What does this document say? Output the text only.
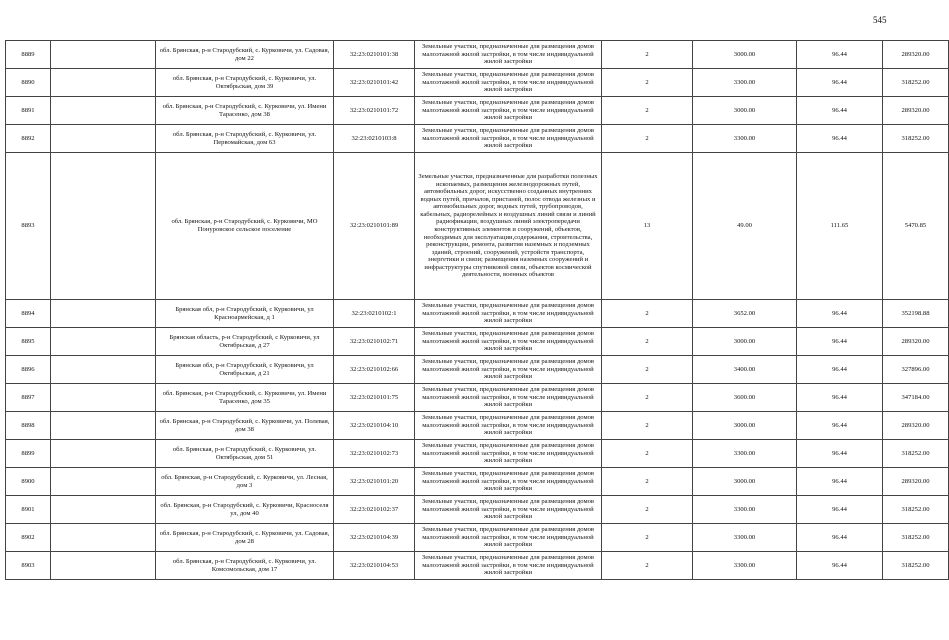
545
8889		обл. Брянская, р-н Стародубский, с. Курковичи, ул. Садовая, дом 22	32:23:0210101:38	Земельные участки, предназначенные для размещения домов малоэтажной жилой застройки, в том числе индивидуальной жилой застройки	2	3000.00	96.44	289320.00
8890		обл. Брянская, р-н Стародубский, с. Курковичи, ул. Октябрьская, дом 39	32:23:0210101:42	Земельные участки, предназначенные для размещения домов малоэтажной жилой застройки, в том числе индивидуальной жилой застройки	2	3300.00	96.44	318252.00
8891		обл. Брянская, р-н Стародубский, с. Курковичи, ул. Имени Тарасенко, дом 38	32:23:0210101:72	Земельные участки, предназначенные для размещения домов малоэтажной жилой застройки, в том числе индивидуальной жилой застройки	2	3000.00	96.44	289320.00
8892		обл. Брянская, р-н Стародубский, с. Курковичи, ул. Первомайская, дом 63	32:23:0210103:8	Земельные участки, предназначенные для размещения домов малоэтажной жилой застройки, в том числе индивидуальной жилой застройки	2	3300.00	96.44	318252.00
8893		обл. Брянская, р-н Стародубский, с. Курковичи, МО Понуровское сельское поселение	32:23:0210101:89	Земельные участки, предназначенные для разработки полезных ископаемых, размещения железнодорожных путей, автомобильных дорог, искусственно созданных внутренних водных путей, причалов, пристаней, полос отвода железных и автомобильных дорог, водных путей, трубопроводов, кабельных, радиорелейных и воздушных линий связи и линий радиофикации, воздушных линий электропередачи конструктивных элементов и сооружений, объектов, необходимых для эксплуатации,содержания, строительства, реконструкции, ремонта, развития наземных и подземных зданий, строений, сооружений, устройств транспорта, энергетики и связи; размещения наземных сооружений и инфраструктуры спутниковой связи, объектов космической деятельности, военных объектов	13	49.00	111.65	5470.85
8894		Брянская обл, р-н Стародубский, с Курковичи, ул Красноармейская, д 1	32:23:0210102:1	Земельные участки, предназначенные для размещения домов малоэтажной жилой застройки, в том числе индивидуальной жилой застройки	2	3652.00	96.44	352198.88
8895		Брянская область, р-н Стародубский, с Курковичи, ул Октябрьская, д 27	32:23:0210102:71	Земельные участки, предназначенные для размещения домов малоэтажной жилой застройки, в том числе индивидуальной жилой застройки	2	3000.00	96.44	289320.00
8896		Брянская обл, р-н Стародубский, с Курковичи, ул Октябрьская, д 21	32:23:0210102:66	Земельные участки, предназначенные для размещения домов малоэтажной жилой застройки, в том числе индивидуальной жилой застройки	2	3400.00	96.44	327896.00
8897		обл. Брянская, р-н Стародубский, с. Курковичи, ул. Имени Тарасенко, дом 35	32:23:0210101:75	Земельные участки, предназначенные для размещения домов малоэтажной жилой застройки, в том числе индивидуальной жилой застройки	2	3600.00	96.44	347184.00
8898		обл. Брянская, р-н Стародубский, с. Курковичи, ул. Полевая, дом 38	32:23:0210104:10	Земельные участки, предназначенные для размещения домов малоэтажной жилой застройки, в том числе индивидуальной жилой застройки	2	3000.00	96.44	289320.00
8899		обл. Брянская, р-н Стародубский, с. Курковичи, ул. Октябрьская, дом 51	32:23:0210102:73	Земельные участки, предназначенные для размещения домов малоэтажной жилой застройки, в том числе индивидуальной жилой застройки	2	3300.00	96.44	318252.00
8900		обл. Брянская, р-н Стародубский, с. Курковичи, ул. Лесная, дом 3	32:23:0210101:20	Земельные участки, предназначенные для размещения домов малоэтажной жилой застройки, в том числе индивидуальной жилой застройки	2	3000.00	96.44	289320.00
8901		обл. Брянская, р-н Стародубский, с. Курковичи, Красноселя ул, дом 40	32:23:0210102:37	Земельные участки, предназначенные для размещения домов малоэтажной жилой застройки, в том числе индивидуальной жилой застройки	2	3300.00	96.44	318252.00
8902		обл. Брянская, р-н Стародубский, с. Курковичи, ул. Садовая, дом 28	32:23:0210104:39	Земельные участки, предназначенные для размещения домов малоэтажной жилой застройки, в том числе индивидуальной жилой застройки	2	3300.00	96.44	318252.00
8903		обл. Брянская, р-н Стародубский, с. Курковичи, ул. Комсомольская, дом 17	32:23:0210104:53	Земельные участки, предназначенные для размещения домов малоэтажной жилой застройки, в том числе индивидуальной жилой застройки	2	3300.00	96.44	318252.00
